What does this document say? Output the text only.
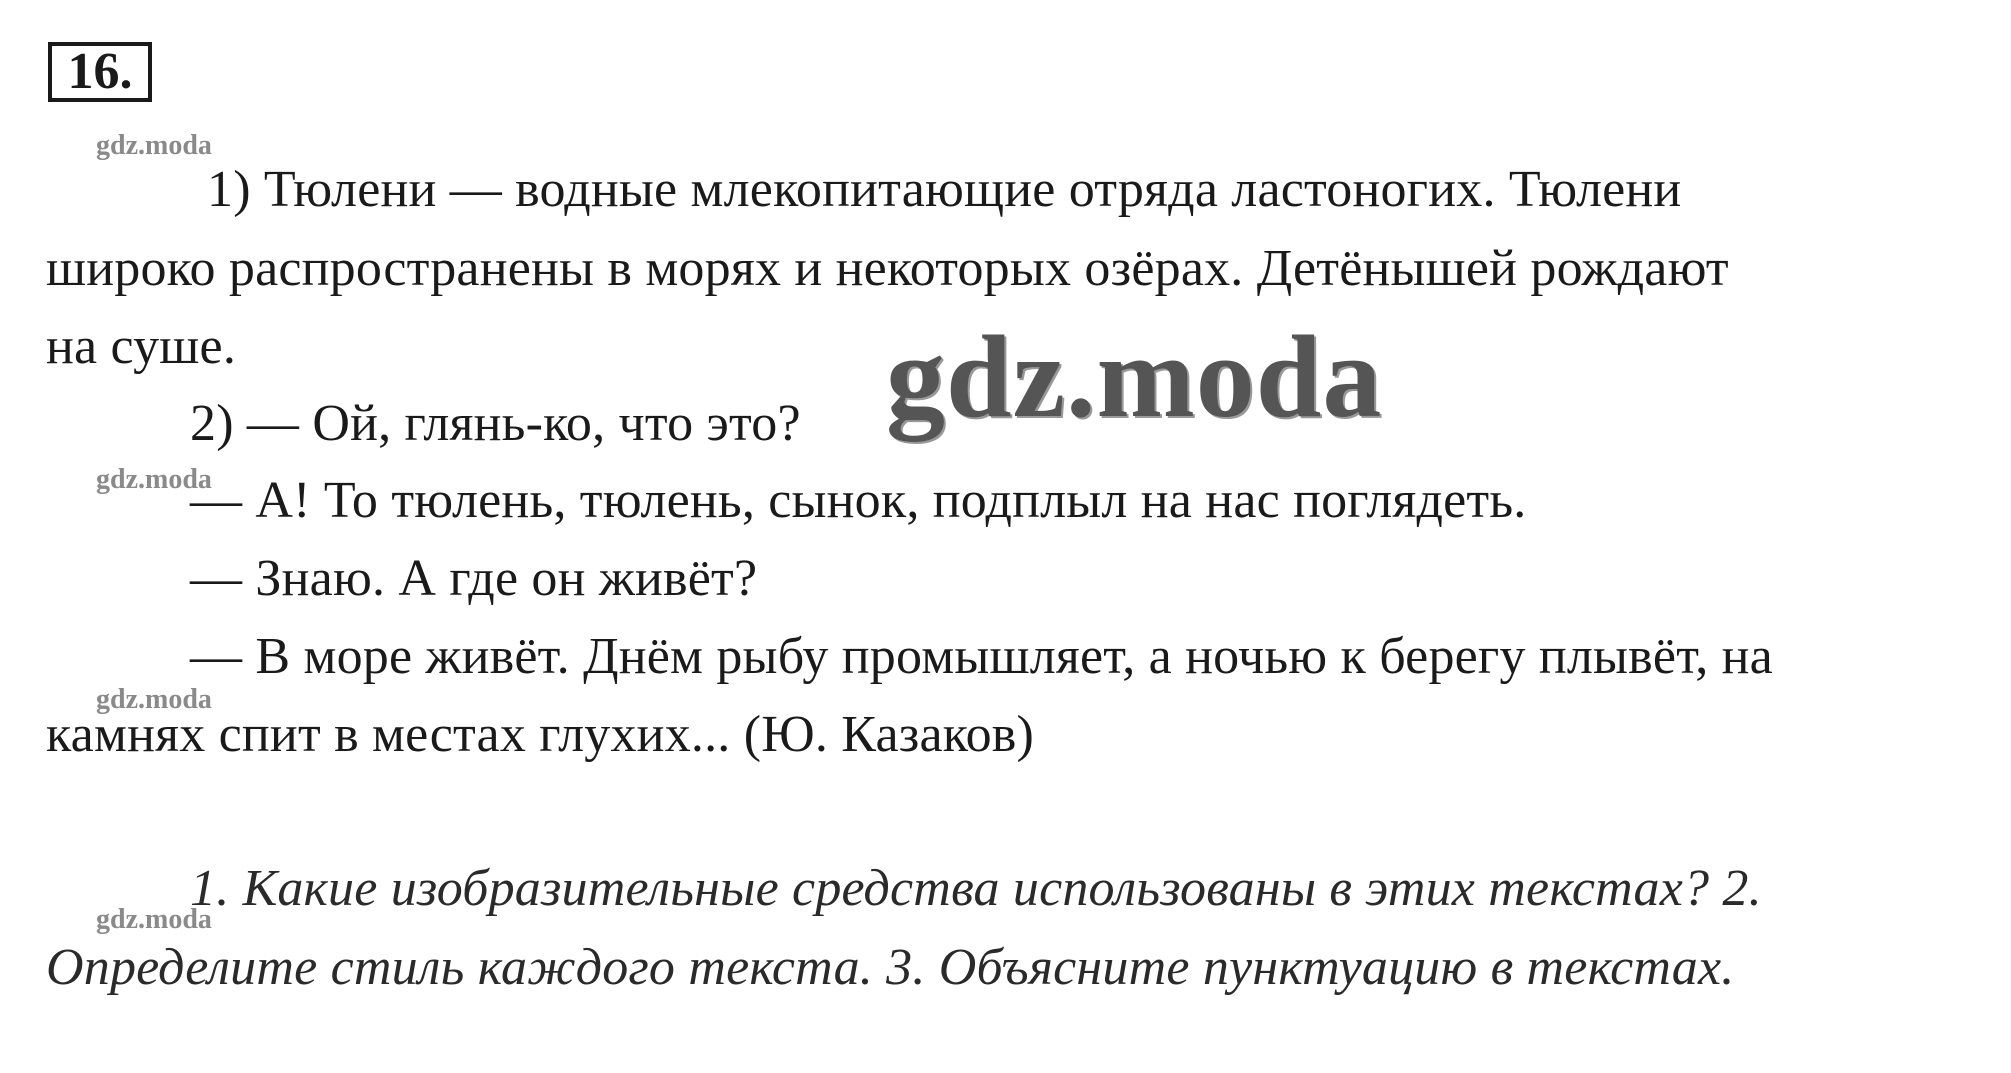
16.
gdz.moda
gdz.moda
gdz.moda
gdz.moda
1) Тюлени — водные млекопитающие отряда ластоногих. Тюлени
широко распространены в морях и некоторых озёрах. Детёнышей рождают
на суше.
2) — Ой, глянь-ко, что это?
— А! То тюлень, тюлень, сынок, подплыл на нас поглядеть.
— Знаю. А где он живёт?
— В море живёт. Днём рыбу промышляет, а ночью к берегу плывёт, на
камнях спит в местах глухих... (Ю. Казаков)
1. Какие изобразительные средства использованы в этих текстах? 2.
Определите стиль каждого текста. 3. Объясните пунктуацию в текстах.
gdz.moda
